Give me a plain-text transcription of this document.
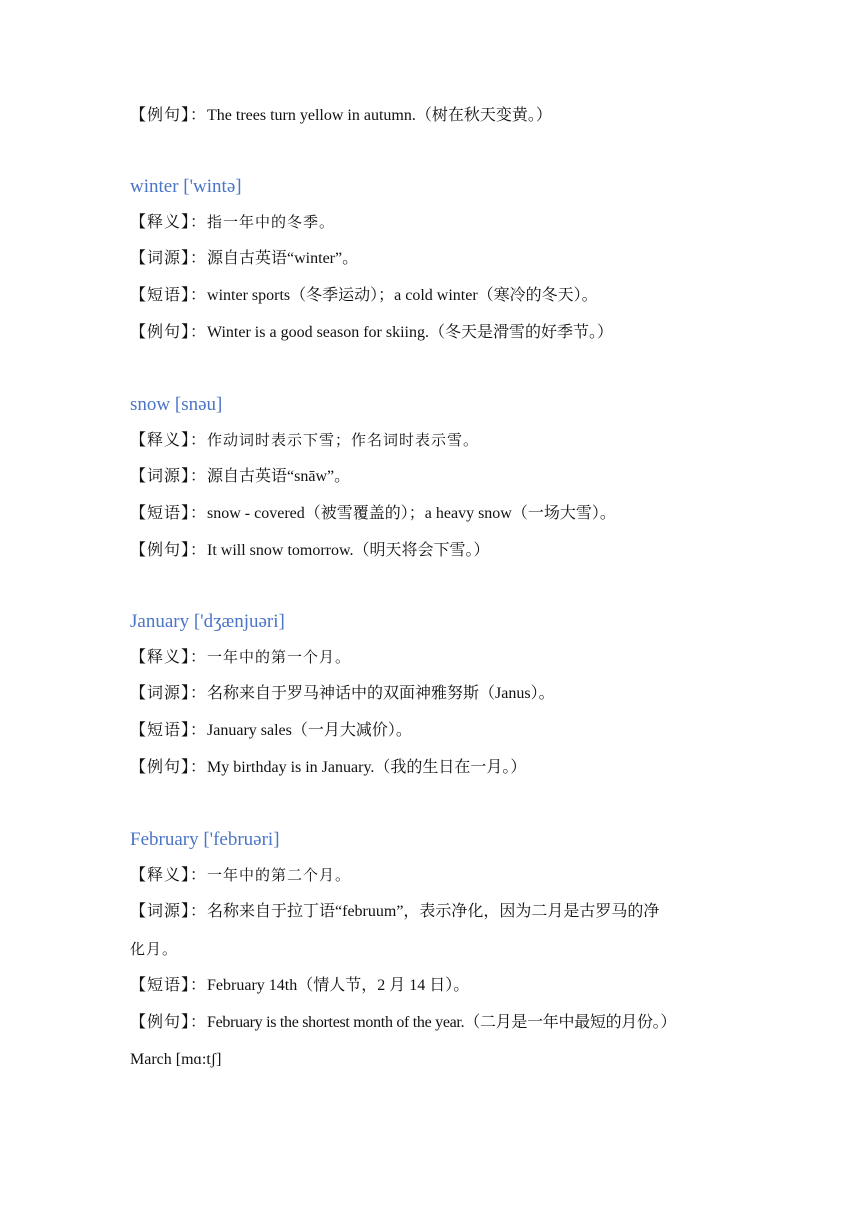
【例句】：The trees turn yellow in autumn.（树在秋天变黄。）
winter ['wintə]
【释义】：指一年中的冬季。
【词源】：源自古英语“winter”。
【短语】：winter sports（冬季运动）；a cold winter（寒冷的冬天）。
【例句】：Winter is a good season for skiing.（冬天是滑雪的好季节。）
snow [snəu]
【释义】：作动词时表示下雪；作名词时表示雪。
【词源】：源自古英语“snāw”。
【短语】：snow - covered（被雪覆盖的）；a heavy snow（一场大雪）。
【例句】：It will snow tomorrow.（明天将会下雪。）
January ['dʒænjuəri]
【释义】：一年中的第一个月。
【词源】：名称来自于罗马神话中的双面神雅努斯（Janus）。
【短语】：January sales（一月大减价）。
【例句】：My birthday is in January.（我的生日在一月。）
February ['februəri]
【释义】：一年中的第二个月。
【词源】：名称来自于拉丁语“februum”，表示净化，因为二月是古罗马的净
化月。
【短语】：February 14th（情人节，2 月 14 日）。
【例句】：February is the shortest month of the year.（二月是一年中最短的月份。）
March [mɑ:tʃ]
